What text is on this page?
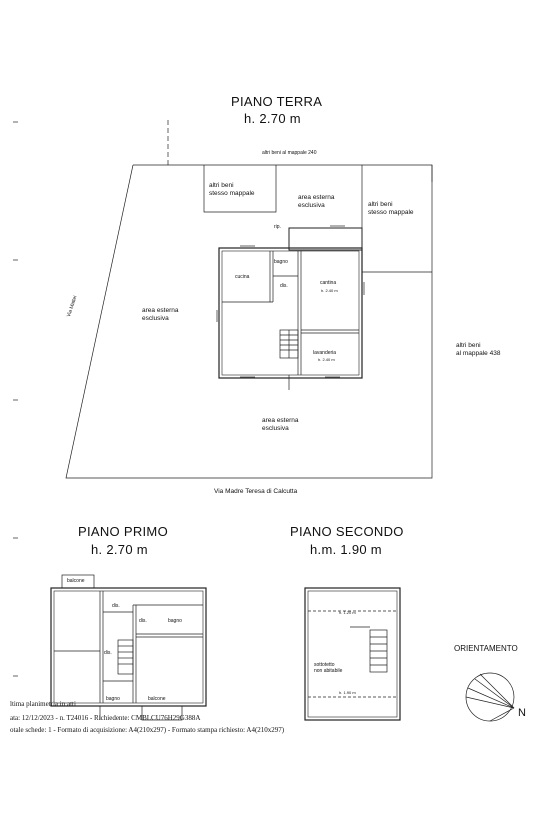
PIANO TERRA
h. 2.70 m
altri beni al mappale 240
altri beni
stesso mappale
area esterna
esclusiva	altri beni
stesso mappale
rip.
bagno
cucina
dis.	cantina
h. 2.40 m
lavanderia
h. 2.40 m
area esterna
esclusiva
area esterna
esclusiva
altri beni
al mappale 438
Via Mattei
Via Madre Teresa di Calcutta
PIANO PRIMO
h. 2.70 m
balcone
dis.
dis.	bagno
dis.
bagno	balcone
PIANO SECONDO
h.m. 1.90 m
h. 1.20 m
sottotetto
non abitabile
h. 1.90 m
ORIENTAMENTO
N
ltima planimetria in atti
ata: 12/12/2023 - n. T24016 - Richiedente: CMBLCU76H29G388A
otale schede: 1 - Formato di acquisizione: A4(210x297) - Formato stampa richiesto: A4(210x297)
